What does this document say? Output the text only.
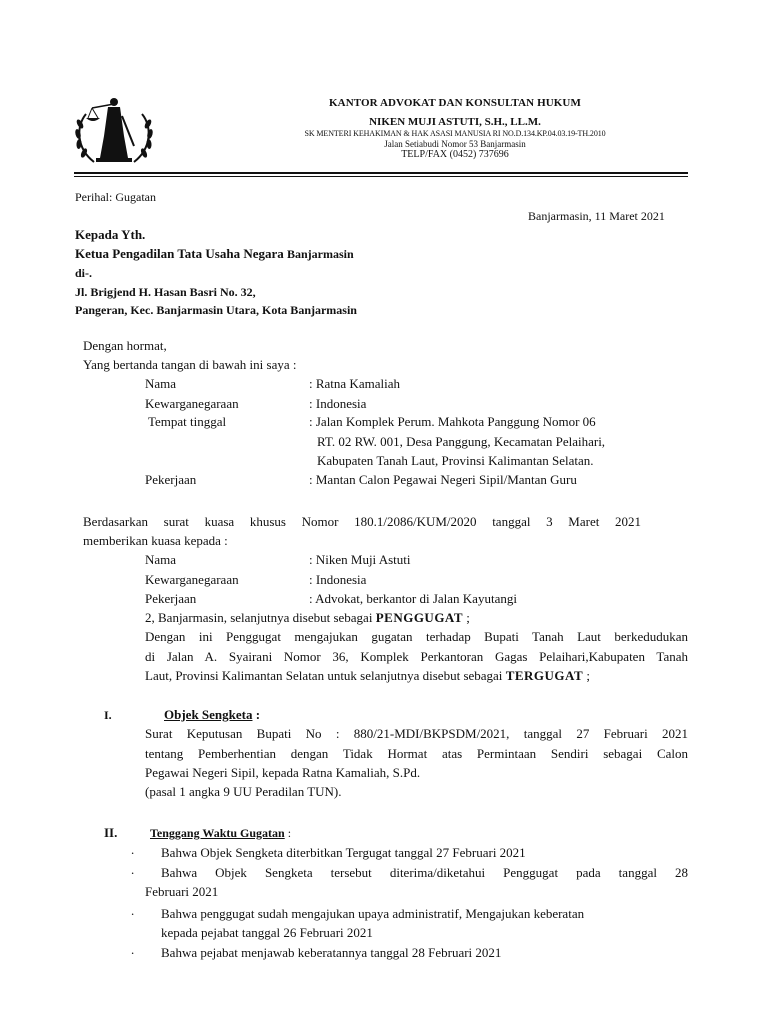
KANTOR ADVOKAT DAN KONSULTAN HUKUM
NIKEN MUJI ASTUTI, S.H., LL.M.
SK MENTERI KEHAKIMAN & HAK ASASI MANUSIA RI NO.D.134.KP.04.03.19-TH.2010
Jalan Setiabudi Nomor 53 Banjarmasin
TELP/FAX (0452) 737696
Perihal: Gugatan
Banjarmasin, 11 Maret 2021
Kepada Yth.
Ketua Pengadilan Tata Usaha Negara Banjarmasin
di-.
Jl. Brigjend H. Hasan Basri No. 32,
Pangeran, Kec. Banjarmasin Utara, Kota Banjarmasin
Dengan hormat,
Yang bertanda tangan di bawah ini saya :
Nama	: Ratna Kamaliah
Kewarganegaraan	: Indonesia
Tempat tinggal	: Jalan Komplek Perum. Mahkota Panggung Nomor 06
RT. 02 RW. 001, Desa Panggung, Kecamatan Pelaihari,
Kabupaten Tanah Laut, Provinsi Kalimantan Selatan.
Pekerjaan	: Mantan Calon Pegawai Negeri Sipil/Mantan Guru
Berdasarkan surat kuasa khusus Nomor 180.1/2086/KUM/2020 tanggal 3 Maret 2021
memberikan kuasa kepada :
Nama	: Niken Muji Astuti
Kewarganegaraan	: Indonesia
Pekerjaan	: Advokat, berkantor di Jalan Kayutangi
2, Banjarmasin, selanjutnya disebut sebagai PENGGUGAT ;
Dengan ini Penggugat mengajukan gugatan terhadap Bupati Tanah Laut berkedudukan
di Jalan A. Syairani Nomor 36, Komplek Perkantoran Gagas Pelaihari,Kabupaten Tanah
Laut, Provinsi Kalimantan Selatan untuk selanjutnya disebut sebagai TERGUGAT ;
I.	Objek Sengketa :
Surat Keputusan Bupati No : 880/21-MDI/BKPSDM/2021, tanggal 27 Februari 2021
tentang Pemberhentian dengan Tidak Hormat atas Permintaan Sendiri sebagai Calon
Pegawai Negeri Sipil, kepada Ratna Kamaliah, S.Pd.
(pasal 1 angka 9 UU Peradilan TUN).
II.	Tenggang Waktu Gugatan :
. Bahwa Objek Sengketa diterbitkan Tergugat tanggal 27 Februari 2021
. Bahwa Objek Sengketa tersebut diterima/diketahui Penggugat pada tanggal 28
Februari 2021
. Bahwa penggugat sudah mengajukan upaya administratif, Mengajukan keberatan
kepada pejabat tanggal 26 Februari 2021
. Bahwa pejabat menjawab keberatannya tanggal 28 Februari 2021
